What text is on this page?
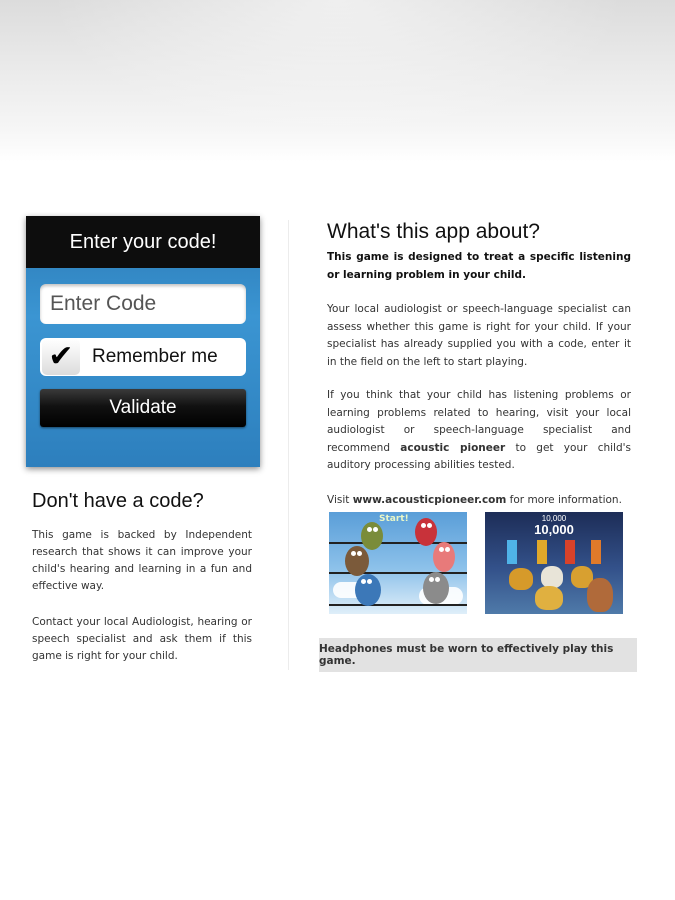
Enter your code!
Enter Code
✔ Remember me
Validate
Don't have a code?
This game is backed by Independent research that shows it can improve your child's hearing and learning in a fun and effective way.
Contact your local Audiologist, hearing or speech specialist and ask them if this game is right for your child.
What's this app about?
This game is designed to treat a specific listening or learning problem in your child.
Your local audiologist or speech-language specialist can assess whether this game is right for your child. If your specialist has already supplied you with a code, enter it in the field on the left to start playing.
If you think that your child has listening problems or learning problems related to hearing, visit your local audiologist or speech-language specialist and recommend acoustic pioneer to get your child's auditory processing abilities tested.
Visit www.acousticpioneer.com for more information.
Start!	10,000
10,000
Headphones must be worn to effectively play this game.
